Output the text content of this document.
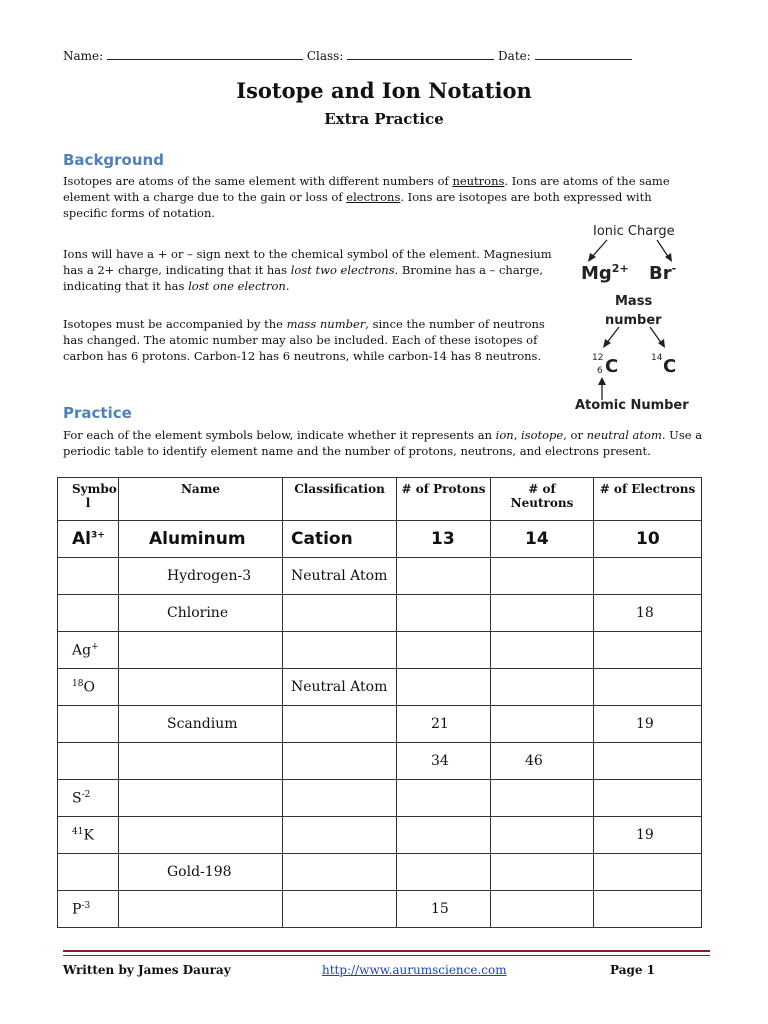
Name:	Class:	Date:
Isotope and Ion Notation
Extra Practice
Background

Isotopes are atoms of the same element with different numbers of neutrons. Ions are atoms of the same element with a charge due to the gain or loss of electrons. Ions are isotopes are both expressed with specific forms of notation.

Ions will have a + or – sign next to the chemical symbol of the element. Magnesium has a 2+ charge, indicating that it has lost two electrons. Bromine has a – charge, indicating that it has lost one electron.

Isotopes must be accompanied by the mass number, since the number of neutrons has changed. The atomic number may also be included. Each of these isotopes of carbon has 6 protons. Carbon-12 has 6 neutrons, while carbon-14 has 8 neutrons.

Ionic Charge
$Mg^{2+}$ Br-
Mass
number
12
6 C	14 C
Atomic Number
Practice

For each of the element symbols below, indicate whether it represents an ion, isotope, or neutral atom. Use a periodic table to identify element name and the number of protons, neutrons, and electrons present.

Symbo l	Name	Classification	# of Protons	# of Neutrons	# of Electrons
$Al^{3+}$	Aluminum	Cation	13	14	10
	Hydrogen-3	Neutral Atom			
	Chlorine				18
Ag+					
$^{18}$O		Neutral Atom			
	Scandium		21		19
			34	46	
$S^{-2}$					
$^{41}$K					19
	Gold-198				
$P^{-3}$			15		
Written by James Dauray	http://www.aurumscience.com	Page 1
